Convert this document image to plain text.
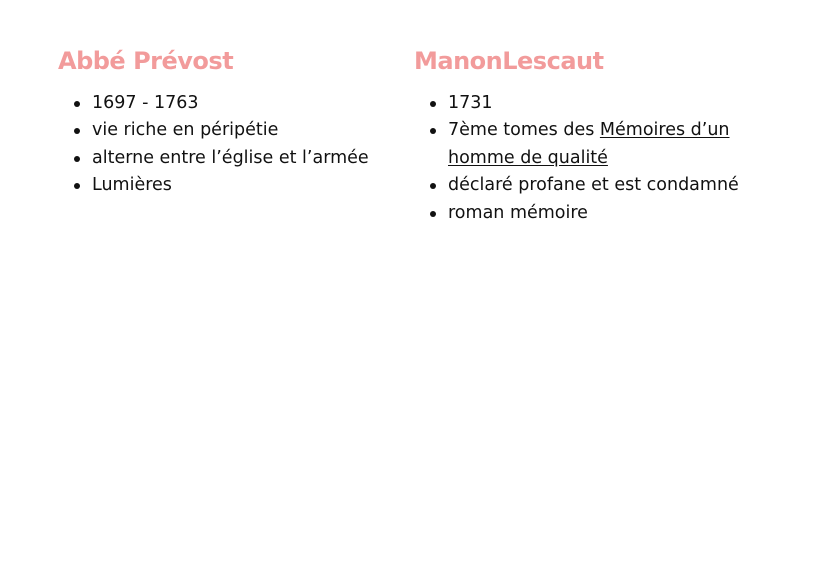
Abbé Prévost
1697 - 1763
vie riche en péripétie
alterne entre l’église et l’armée
Lumières
ManonLescaut
1731
7ème tomes des Mémoires d’un homme de qualité
déclaré profane et est condamné
roman mémoire
